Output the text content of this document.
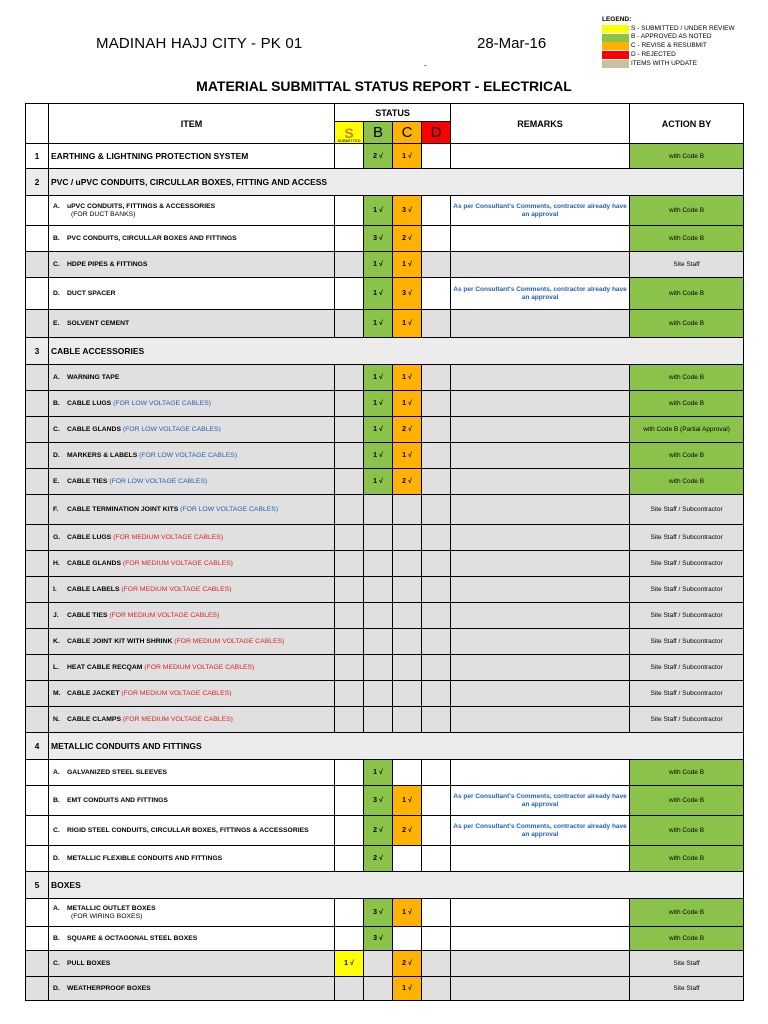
MADINAH HAJJ CITY - PK 01	28-Mar-16
-
MATERIAL SUBMITTAL STATUS REPORT - ELECTRICAL
LEGEND:
S - SUBMITTED / UNDER REVIEW
B - APPROVED AS NOTED
C - REVISE & RESUBMIT
D - REJECTED
ITEMS WITH UPDATE
	ITEM	STATUS				REMARKS	ACTION BY
		S
SUBMITTED	B	C	D		
1	EARTHING & LIGHTNING PROTECTION SYSTEM		2 √	1 √			with Code B
2	PVC / uPVC CONDUITS, CIRCULLAR BOXES, FITTING AND ACCESS						
	A. uPVC CONDUITS, FITTINGS & ACCESSORIES
(FOR DUCT BANKS)		1 √	3 √		As per Consultant's Comments, contractor already have an approval	with Code B
	B. PVC CONDUITS, CIRCULLAR BOXES AND FITTINGS		3 √	2 √			with Code B
	C. HDPE PIPES & FITTINGS		1 √	1 √			Site Staff
	D. DUCT SPACER		1 √	3 √		As per Consultant's Comments, contractor already have an approval	with Code B
	E. SOLVENT CEMENT		1 √	1 √			with Code B
3	CABLE ACCESSORIES						
	A. WARNING TAPE		1 √	1 √			with Code B
	B. CABLE LUGS (FOR LOW VOLTAGE CABLES)		1 √	1 √			with Code B
	C. CABLE GLANDS (FOR LOW VOLTAGE CABLES)		1 √	2 √			with Code B (Partial Approval)
	D. MARKERS & LABELS (FOR LOW VOLTAGE CABLES)		1 √	1 √			with Code B
	E. CABLE TIES (FOR LOW VOLTAGE CABLES)		1 √	2 √			with Code B
	F. CABLE TERMINATION JOINT KITS (FOR LOW VOLTAGE CABLES)						Site Staff / Subcontractor
	G. CABLE LUGS (FOR MEDIUM VOLTAGE CABLES)						Site Staff / Subcontractor
	H. CABLE GLANDS (FOR MEDIUM VOLTAGE CABLES)						Site Staff / Subcontractor
	I. CABLE LABELS (FOR MEDIUM VOLTAGE CABLES)						Site Staff / Subcontractor
	J. CABLE TIES (FOR MEDIUM VOLTAGE CABLES)						Site Staff / Subcontractor
	K. CABLE JOINT KIT WITH SHRINK (FOR MEDIUM VOLTAGE CABLES)						Site Staff / Subcontractor
	L. HEAT CABLE RECQAM (FOR MEDIUM VOLTAGE CABLES)						Site Staff / Subcontractor
	M. CABLE JACKET (FOR MEDIUM VOLTAGE CABLES)						Site Staff / Subcontractor
	N. CABLE CLAMPS (FOR MEDIUM VOLTAGE CABLES)						Site Staff / Subcontractor
4	METALLIC CONDUITS AND FITTINGS						
	A. GALVANIZED STEEL SLEEVES		1 √				with Code B
	B. EMT CONDUITS AND FITTINGS		3 √	1 √		As per Consultant's Comments, contractor already have an approval	with Code B
	C. RIGID STEEL CONDUITS, CIRCULLAR BOXES, FITTINGS & ACCESSORIES		2 √	2 √		As per Consultant's Comments, contractor already have an approval	with Code B
	D. METALLIC FLEXIBLE CONDUITS AND FITTINGS		2 √				with Code B
5	BOXES						
	A. METALLIC OUTLET BOXES
(FOR WIRING BOXES)		3 √	1 √			with Code B
	B. SQUARE & OCTAGONAL STEEL BOXES		3 √				with Code B
	C. PULL BOXES	1 √		2 √			Site Staff
	D. WEATHERPROOF BOXES			1 √			Site Staff
